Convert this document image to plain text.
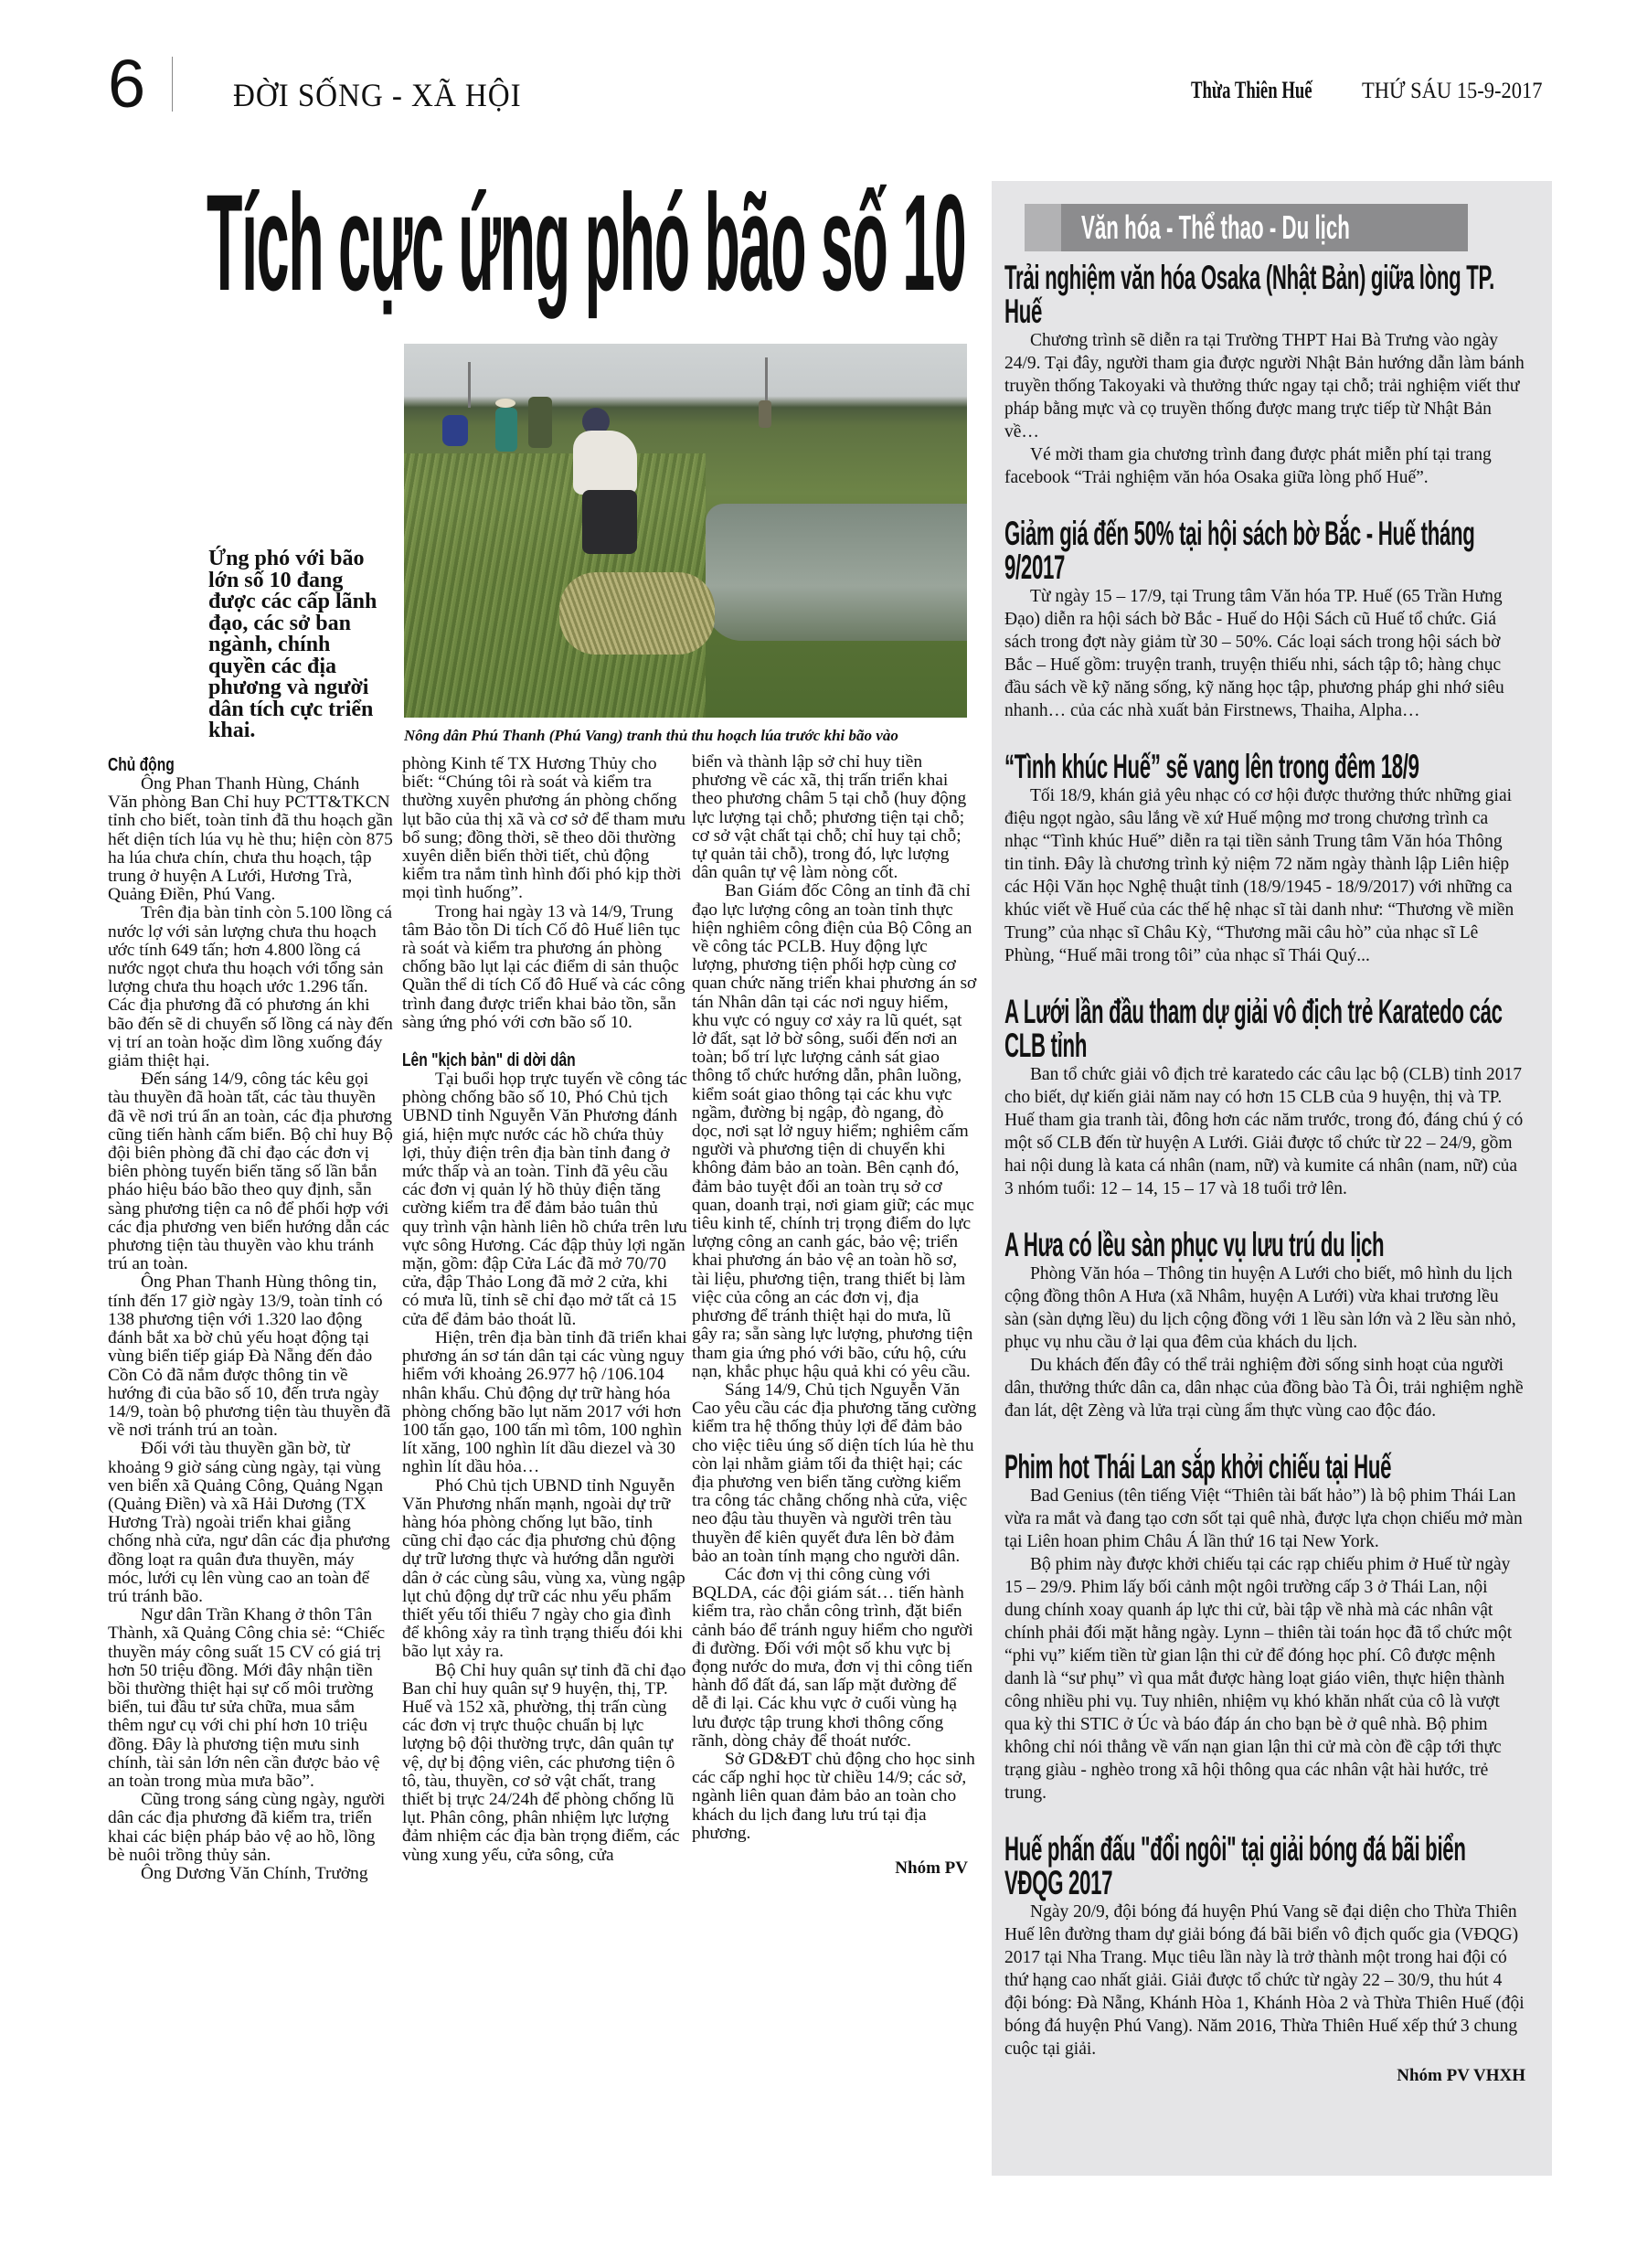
6	ĐỜI SỐNG - XÃ HỘI	Thừa Thiên Huế THỨ SÁU 15-9-2017
Tích cực ứng phó bão số 10
Nông dân Phú Thanh (Phú Vang) tranh thủ thu hoạch lúa trước khi bão vào
Ứng phó với bão lớn số 10 đang được các cấp lãnh đạo, các sở ban ngành, chính quyền các địa phương và người dân tích cực triển khai.
Chủ động

Ông Phan Thanh Hùng, Chánh Văn phòng Ban Chỉ huy PCTT&TKCN tỉnh cho biết, toàn tỉnh đã thu hoạch gần hết diện tích lúa vụ hè thu; hiện còn 875 ha lúa chưa chín, chưa thu hoạch, tập trung ở huyện A Lưới, Hương Trà, Quảng Điền, Phú Vang.

Trên địa bàn tỉnh còn 5.100 lồng cá nước lợ với sản lượng chưa thu hoạch ước tính 649 tấn; hơn 4.800 lồng cá nước ngọt chưa thu hoạch với tổng sản lượng chưa thu hoạch ước 1.296 tấn. Các địa phương đã có phương án khi bão đến sẽ di chuyển số lồng cá này đến vị trí an toàn hoặc dìm lồng xuống đáy giảm thiệt hại.

Đến sáng 14/9, công tác kêu gọi tàu thuyền đã hoàn tất, các tàu thuyền đã về nơi trú ẩn an toàn, các địa phương cũng tiến hành cấm biển. Bộ chỉ huy Bộ đội biên phòng đã chỉ đạo các đơn vị biên phòng tuyến biển tăng số lần bắn pháo hiệu báo bão theo quy định, sẵn sàng phương tiện ca nô để phối hợp với các địa phương ven biển hướng dẫn các phương tiện tàu thuyền vào khu tránh trú an toàn.

Ông Phan Thanh Hùng thông tin, tính đến 17 giờ ngày 13/9, toàn tỉnh có 138 phương tiện với 1.320 lao động đánh bắt xa bờ chủ yếu hoạt động tại vùng biển tiếp giáp Đà Nẵng đến đảo Cồn Cỏ đã nắm được thông tin về hướng đi của bão số 10, đến trưa ngày 14/9, toàn bộ phương tiện tàu thuyền đã về nơi tránh trú an toàn.

Đối với tàu thuyền gần bờ, từ khoảng 9 giờ sáng cùng ngày, tại vùng ven biển xã Quảng Công, Quảng Ngạn (Quảng Điền) và xã Hải Dương (TX Hương Trà) ngoài triển khai giằng chống nhà cửa, ngư dân các địa phương đồng loạt ra quân đưa thuyền, máy móc, lưới cụ lên vùng cao an toàn để trú tránh bão.

Ngư dân Trần Khang ở thôn Tân Thành, xã Quảng Công chia sẻ: “Chiếc thuyền máy công suất 15 CV có giá trị hơn 50 triệu đồng. Mới đây nhận tiền bồi thường thiệt hại sự cố môi trường biển, tui đầu tư sửa chữa, mua sắm thêm ngư cụ với chi phí hơn 10 triệu đồng. Đây là phương tiện mưu sinh chính, tài sản lớn nên cần được bảo vệ an toàn trong mùa mưa bão”.

Cũng trong sáng cùng ngày, người dân các địa phương đã kiểm tra, triển khai các biện pháp bảo vệ ao hồ, lồng bè nuôi trồng thủy sản.

Ông Dương Văn Chính, Trưởng

phòng Kinh tế TX Hương Thủy cho biết: “Chúng tôi rà soát và kiểm tra thường xuyên phương án phòng chống lụt bão của thị xã và cơ sở để tham mưu bổ sung; đồng thời, sẽ theo dõi thường xuyên diễn biến thời tiết, chủ động kiểm tra nắm tình hình đối phó kịp thời mọi tình huống”.

Trong hai ngày 13 và 14/9, Trung tâm Bảo tồn Di tích Cố đô Huế liên tục rà soát và kiểm tra phương án phòng chống bão lụt lại các điểm di sản thuộc Quần thể di tích Cố đô Huế và các công trình đang được triển khai bảo tồn, sẵn sàng ứng phó với cơn bão số 10.

Lên "kịch bản" di dời dân

Tại buổi họp trực tuyến về công tác phòng chống bão số 10, Phó Chủ tịch UBND tỉnh Nguyễn Văn Phương đánh giá, hiện mực nước các hồ chứa thủy lợi, thủy điện trên địa bàn tỉnh đang ở mức thấp và an toàn. Tỉnh đã yêu cầu các đơn vị quản lý hồ thủy điện tăng cường kiểm tra để đảm bảo tuân thủ quy trình vận hành liên hồ chứa trên lưu vực sông Hương. Các đập thủy lợi ngăn mặn, gồm: đập Cửa Lác đã mở 70/70 cửa, đập Thảo Long đã mở 2 cửa, khi có mưa lũ, tỉnh sẽ chỉ đạo mở tất cả 15 cửa để đảm bảo thoát lũ.

Hiện, trên địa bàn tỉnh đã triển khai phương án sơ tán dân tại các vùng nguy hiểm với khoảng 26.977 hộ /106.104 nhân khẩu. Chủ động dự trữ hàng hóa phòng chống bão lụt năm 2017 với hơn 100 tấn gạo, 100 tấn mì tôm, 100 nghìn lít xăng, 100 nghìn lít dầu diezel và 30 nghìn lít dầu hỏa…

Phó Chủ tịch UBND tỉnh Nguyễn Văn Phương nhấn mạnh, ngoài dự trữ hàng hóa phòng chống lụt bão, tỉnh cũng chỉ đạo các địa phương chủ động dự trữ lương thực và hướng dẫn người dân ở các cùng sâu, vùng xa, vùng ngập lụt chủ động dự trữ các nhu yếu phẩm thiết yếu tối thiểu 7 ngày cho gia đình để không xảy ra tình trạng thiếu đói khi bão lụt xảy ra.

Bộ Chỉ huy quân sự tỉnh đã chỉ đạo Ban chỉ huy quân sự 9 huyện, thị, TP. Huế và 152 xã, phường, thị trấn cùng các đơn vị trực thuộc chuẩn bị lực lượng bộ đội thường trực, dân quân tự vệ, dự bị động viên, các phương tiện ô tô, tàu, thuyền, cơ sở vật chất, trang thiết bị trực 24/24h để phòng chống lũ lụt. Phân công, phân nhiệm lực lượng đảm nhiệm các địa bàn trọng điểm, các vùng xung yếu, cửa sông, cửa

biển và thành lập sở chỉ huy tiền phương về các xã, thị trấn triển khai theo phương châm 5 tại chỗ (huy động lực lượng tại chỗ; phương tiện tại chỗ; cơ sở vật chất tại chỗ; chỉ huy tại chỗ; tự quản tải chỗ), trong đó, lực lượng dân quân tự vệ làm nòng cốt.

Ban Giám đốc Công an tỉnh đã chỉ đạo lực lượng công an toàn tỉnh thực hiện nghiêm công điện của Bộ Công an về công tác PCLB. Huy động lực lượng, phương tiện phối hợp cùng cơ quan chức năng triển khai phương án sơ tán Nhân dân tại các nơi nguy hiểm, khu vực có nguy cơ xảy ra lũ quét, sạt lở đất, sạt lở bờ sông, suối đến nơi an toàn; bố trí lực lượng cảnh sát giao thông tổ chức hướng dẫn, phân luồng, kiểm soát giao thông tại các khu vực ngầm, đường bị ngập, đò ngang, đò dọc, nơi sạt lở nguy hiểm; nghiêm cấm người và phương tiện di chuyển khi không đảm bảo an toàn. Bên cạnh đó, đảm bảo tuyệt đối an toàn trụ sở cơ quan, doanh trại, nơi giam giữ; các mục tiêu kinh tế, chính trị trọng điểm do lực lượng công an canh gác, bảo vệ; triển khai phương án bảo vệ an toàn hồ sơ, tài liệu, phương tiện, trang thiết bị làm việc của công an các đơn vị, địa phương để tránh thiệt hại do mưa, lũ gây ra; sẵn sàng lực lượng, phương tiện tham gia ứng phó với bão, cứu hộ, cứu nạn, khắc phục hậu quả khi có yêu cầu.

Sáng 14/9, Chủ tịch Nguyễn Văn Cao yêu cầu các địa phương tăng cường kiểm tra hệ thống thủy lợi để đảm bảo cho việc tiêu úng số diện tích lúa hè thu còn lại nhằm giảm tối đa thiệt hại; các địa phương ven biển tăng cường kiểm tra công tác chằng chống nhà cửa, việc neo đậu tàu thuyền và người trên tàu thuyền để kiên quyết đưa lên bờ đảm bảo an toàn tính mạng cho người dân.

Các đơn vị thi công cùng với BQLDA, các đội giám sát… tiến hành kiểm tra, rào chắn công trình, đặt biển cảnh báo để tránh nguy hiểm cho người đi đường. Đối với một số khu vực bị đọng nước do mưa, đơn vị thi công tiến hành đổ đất đá, san lấp mặt đường để dễ đi lại. Các khu vực ở cuối vùng hạ lưu được tập trung khơi thông cống rãnh, dòng chảy để thoát nước.

Sở GD&ĐT chủ động cho học sinh các cấp nghỉ học từ chiều 14/9; các sở, ngành liên quan đảm bảo an toàn cho khách du lịch đang lưu trú tại địa phương.

Nhóm PV
Văn hóa - Thể thao - Du lịch
Trải nghiệm văn hóa Osaka (Nhật Bản) giữa lòng TP. Huế

Chương trình sẽ diễn ra tại Trường THPT Hai Bà Trưng vào ngày 24/9. Tại đây, người tham gia được người Nhật Bản hướng dẫn làm bánh truyền thống Takoyaki và thưởng thức ngay tại chỗ; trải nghiệm viết thư pháp bằng mực và cọ truyền thống được mang trực tiếp từ Nhật Bản về…

Vé mời tham gia chương trình đang được phát miễn phí tại trang facebook “Trải nghiệm văn hóa Osaka giữa lòng phố Huế”.

Giảm giá đến 50% tại hội sách bờ Bắc - Huế tháng 9/2017

Từ ngày 15 – 17/9, tại Trung tâm Văn hóa TP. Huế (65 Trần Hưng Đạo) diễn ra hội sách bờ Bắc - Huế do Hội Sách cũ Huế tổ chức. Giá sách trong đợt này giảm từ 30 – 50%. Các loại sách trong hội sách bờ Bắc – Huế gồm: truyện tranh, truyện thiếu nhi, sách tập tô; hàng chục đầu sách về kỹ năng sống, kỹ năng học tập, phương pháp ghi nhớ siêu nhanh… của các nhà xuất bản Firstnews, Thaiha, Alpha…

“Tình khúc Huế” sẽ vang lên trong đêm 18/9

Tối 18/9, khán giả yêu nhạc có cơ hội được thưởng thức những giai điệu ngọt ngào, sâu lắng về xứ Huế mộng mơ trong chương trình ca nhạc “Tình khúc Huế” diễn ra tại tiền sảnh Trung tâm Văn hóa Thông tin tỉnh. Đây là chương trình kỷ niệm 72 năm ngày thành lập Liên hiệp các Hội Văn học Nghệ thuật tỉnh (18/9/1945 - 18/9/2017) với những ca khúc viết về Huế của các thế hệ nhạc sĩ tài danh như: “Thương về miền Trung” của nhạc sĩ Châu Kỳ, “Thương mãi câu hò” của nhạc sĩ Lê Phùng, “Huế mãi trong tôi” của nhạc sĩ Thái Quý...

A Lưới lần đầu tham dự giải vô địch trẻ Karatedo các CLB tỉnh

Ban tổ chức giải vô địch trẻ karatedo các câu lạc bộ (CLB) tỉnh 2017 cho biết, dự kiến giải năm nay có hơn 15 CLB của 9 huyện, thị và TP. Huế tham gia tranh tài, đông hơn các năm trước, trong đó, đáng chú ý có một số CLB đến từ huyện A Lưới. Giải được tổ chức từ 22 – 24/9, gồm hai nội dung là kata cá nhân (nam, nữ) và kumite cá nhân (nam, nữ) của 3 nhóm tuổi: 12 – 14, 15 – 17 và 18 tuổi trở lên.

A Hưa có lều sàn phục vụ lưu trú du lịch

Phòng Văn hóa – Thông tin huyện A Lưới cho biết, mô hình du lịch cộng đồng thôn A Hưa (xã Nhâm, huyện A Lưới) vừa khai trương lều sàn (sàn dựng lều) du lịch cộng đồng với 1 lều sàn lớn và 2 lều sàn nhỏ, phục vụ nhu cầu ở lại qua đêm của khách du lịch.

Du khách đến đây có thể trải nghiệm đời sống sinh hoạt của người dân, thưởng thức dân ca, dân nhạc của đồng bào Tà Ôi, trải nghiệm nghề đan lát, dệt Zèng và lửa trại cùng ẩm thực vùng cao độc đáo.

Phim hot Thái Lan sắp khởi chiếu tại Huế

Bad Genius (tên tiếng Việt “Thiên tài bất hảo”) là bộ phim Thái Lan vừa ra mắt và đang tạo cơn sốt tại quê nhà, được lựa chọn chiếu mở màn tại Liên hoan phim Châu Á lần thứ 16 tại New York.

Bộ phim này được khởi chiếu tại các rạp chiếu phim ở Huế từ ngày 15 – 29/9. Phim lấy bối cảnh một ngôi trường cấp 3 ở Thái Lan, nội dung chính xoay quanh áp lực thi cử, bài tập về nhà mà các nhân vật chính phải đối mặt hằng ngày. Lynn – thiên tài toán học đã tổ chức một “phi vụ” kiếm tiền từ gian lận thi cử để đóng học phí. Cô được mệnh danh là “sư phụ” vì qua mắt được hàng loạt giáo viên, thực hiện thành công nhiều phi vụ. Tuy nhiên, nhiệm vụ khó khăn nhất của cô là vượt qua kỳ thi STIC ở Úc và báo đáp án cho bạn bè ở quê nhà. Bộ phim không chỉ nói thẳng về vấn nạn gian lận thi cử mà còn đề cập tới thực trạng giàu - nghèo trong xã hội thông qua các nhân vật hài hước, trẻ trung.

Huế phấn đấu "đổi ngôi" tại giải bóng đá bãi biển VĐQG 2017

Ngày 20/9, đội bóng đá huyện Phú Vang sẽ đại diện cho Thừa Thiên Huế lên đường tham dự giải bóng đá bãi biển vô địch quốc gia (VĐQG) 2017 tại Nha Trang. Mục tiêu lần này là trở thành một trong hai đội có thứ hạng cao nhất giải. Giải được tổ chức từ ngày 22 – 30/9, thu hút 4 đội bóng: Đà Nẵng, Khánh Hòa 1, Khánh Hòa 2 và Thừa Thiên Huế (đội bóng đá huyện Phú Vang). Năm 2016, Thừa Thiên Huế xếp thứ 3 chung cuộc tại giải.

Nhóm PV VHXH
